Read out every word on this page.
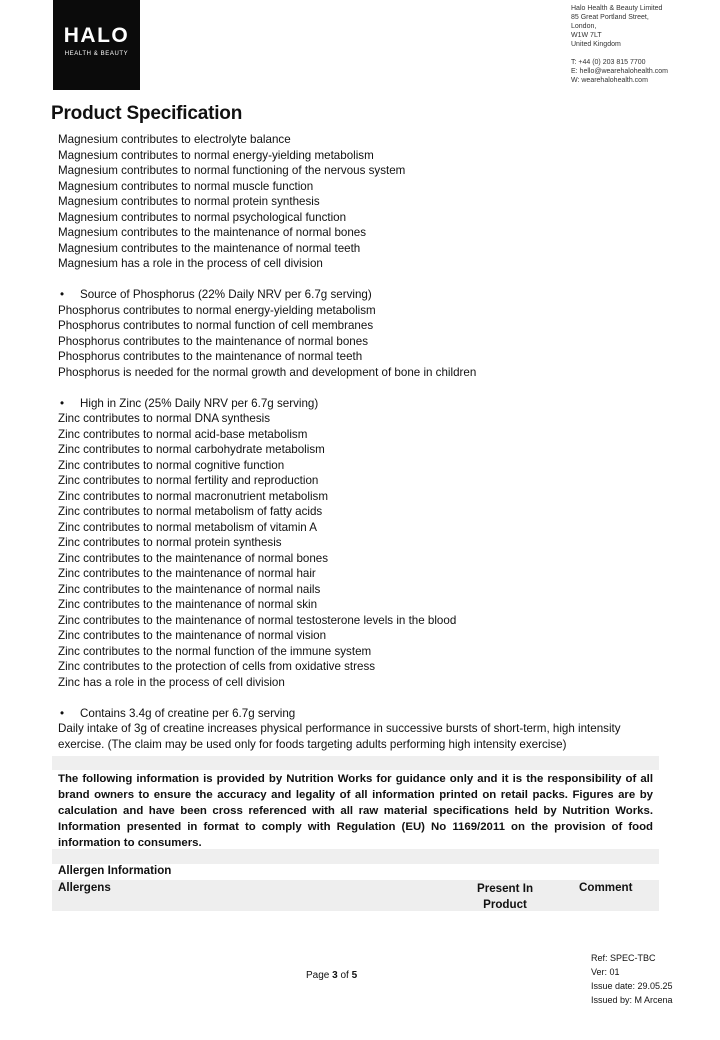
HALO
HEALTH & BEAUTY
Halo Health & Beauty Limited
85 Great Portland Street,
London,
W1W 7LT
United Kingdom
T: +44 (0) 203 815 7700
E: hello@wearehalohealth.com
W: wearehalohealth.com
Product Specification
Magnesium contributes to electrolyte balance
Magnesium contributes to normal energy-yielding metabolism
Magnesium contributes to normal functioning of the nervous system
Magnesium contributes to normal muscle function
Magnesium contributes to normal protein synthesis
Magnesium contributes to normal psychological function
Magnesium contributes to the maintenance of normal bones
Magnesium contributes to the maintenance of normal teeth
Magnesium has a role in the process of cell division
• Source of Phosphorus (22% Daily NRV per 6.7g serving)
Phosphorus contributes to normal energy-yielding metabolism
Phosphorus contributes to normal function of cell membranes
Phosphorus contributes to the maintenance of normal bones
Phosphorus contributes to the maintenance of normal teeth
Phosphorus is needed for the normal growth and development of bone in children
• High in Zinc (25% Daily NRV per 6.7g serving)
Zinc contributes to normal DNA synthesis
Zinc contributes to normal acid-base metabolism
Zinc contributes to normal carbohydrate metabolism
Zinc contributes to normal cognitive function
Zinc contributes to normal fertility and reproduction
Zinc contributes to normal macronutrient metabolism
Zinc contributes to normal metabolism of fatty acids
Zinc contributes to normal metabolism of vitamin A
Zinc contributes to normal protein synthesis
Zinc contributes to the maintenance of normal bones
Zinc contributes to the maintenance of normal hair
Zinc contributes to the maintenance of normal nails
Zinc contributes to the maintenance of normal skin
Zinc contributes to the maintenance of normal testosterone levels in the blood
Zinc contributes to the maintenance of normal vision
Zinc contributes to the normal function of the immune system
Zinc contributes to the protection of cells from oxidative stress
Zinc has a role in the process of cell division
• Contains 3.4g of creatine per 6.7g serving
Daily intake of 3g of creatine increases physical performance in successive bursts of short-term, high intensity exercise. (The claim may be used only for foods targeting adults performing high intensity exercise)
The following information is provided by Nutrition Works for guidance only and it is the responsibility of all brand owners to ensure the accuracy and legality of all information printed on retail packs. Figures are by calculation and have been cross referenced with all raw material specifications held by Nutrition Works. Information presented in format to comply with Regulation (EU) No 1169/2011 on the provision of food information to consumers.
Allergen Information
Allergens	Present In Product
Comment
Page 3 of 5
Ref: SPEC-TBC
Ver: 01
Issue date: 29.05.25
Issued by: M Arcena
